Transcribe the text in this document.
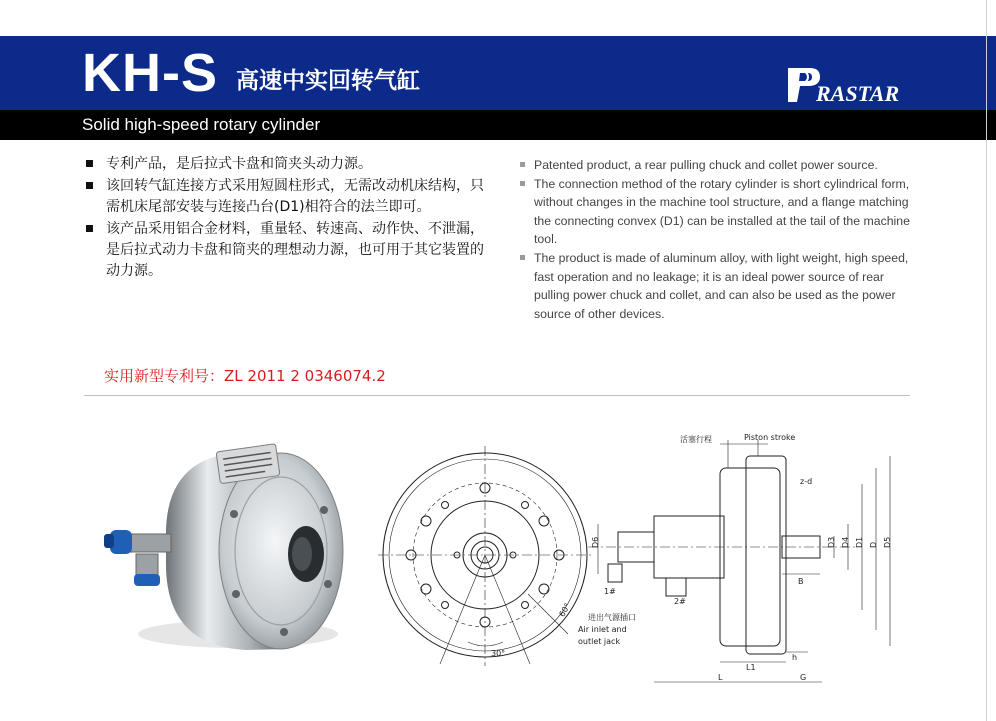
KH-S 高速中实回转气缸	RASTAR
Solid high-speed rotary cylinder
专利产品，是后拉式卡盘和筒夹头动力源。
该回转气缸连接方式采用短圆柱形式，无需改动机床结构，只需机床尾部安装与连接凸台(D1)相符合的法兰即可。
该产品采用铝合金材料，重量轻、转速高、动作快、不泄漏，是后拉式动力卡盘和筒夹的理想动力源，也可用于其它装置的动力源。
Patented product, a rear pulling chuck and collet power source.
The connection method of the rotary cylinder is short cylindrical form, without changes in the machine tool structure, and a flange matching the connecting convex (D1) can be installed at the tail of the machine tool.
The product is made of aluminum alloy, with light weight, high speed, fast operation and no leakage; it is an ideal power source of rear pulling power chuck and collet, and can also be used as the power source of other devices.
实用新型专利号：ZL 2011 2 0346074.2
30°
60°
活塞行程	Piston stroke
z-d
1#
2#
进出气源插口
Air inlet and
outlet jack
D6	D3 D4 D1 D D5
B
L1
h
L	G
